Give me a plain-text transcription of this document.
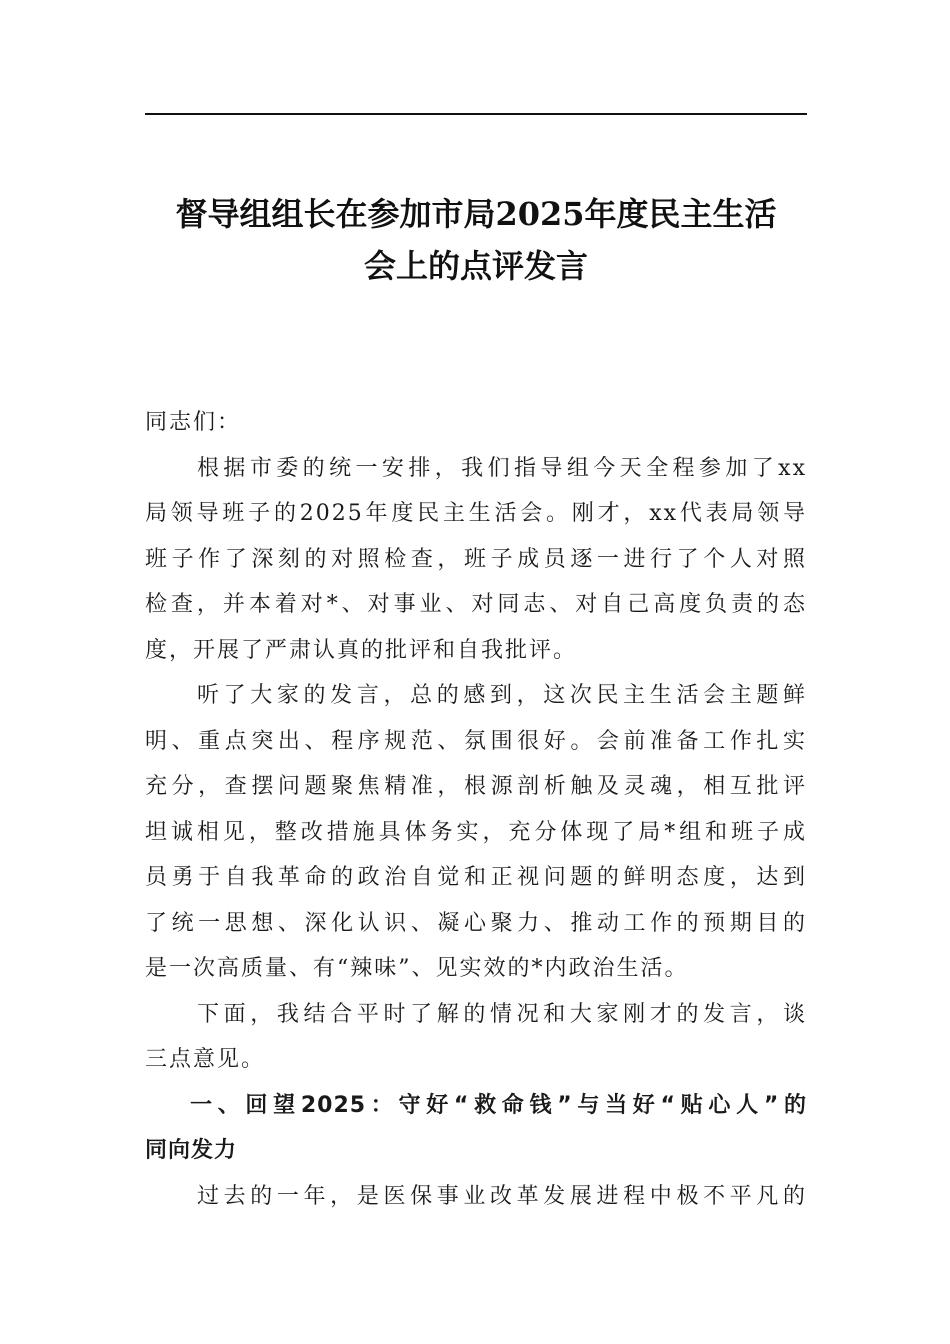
督导组组长在参加市局2025年度民主生活
会上的点评发言

同志们：

根据市委的统一安排，我们指导组今天全程参加了xx
局领导班子的2025年度民主生活会。刚才，xx代表局领导
班子作了深刻的对照检查，班子成员逐一进行了个人对照
检查，并本着对*、对事业、对同志、对自己高度负责的态
度，开展了严肃认真的批评和自我批评。

听了大家的发言，总的感到，这次民主生活会主题鲜
明、重点突出、程序规范、氛围很好。会前准备工作扎实
充分，查摆问题聚焦精准，根源剖析触及灵魂，相互批评
坦诚相见，整改措施具体务实，充分体现了局*组和班子成
员勇于自我革命的政治自觉和正视问题的鲜明态度，达到
了统一思想、深化认识、凝心聚力、推动工作的预期目的
是一次高质量、有“辣味”、见实效的*内政治生活。

下面，我结合平时了解的情况和大家刚才的发言，谈
三点意见。

一、回望2025：守好“救命钱”与当好“贴心人”的
同向发力

过去的一年，是医保事业改革发展进程中极不平凡的
